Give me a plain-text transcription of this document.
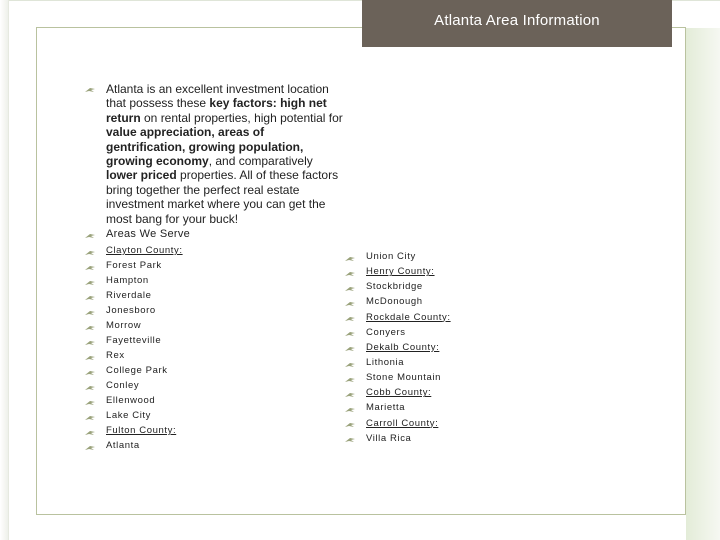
Atlanta Area Information
Atlanta is an excellent investment location that possess these key factors: high net return on rental properties, high potential for value appreciation, areas of gentrification, growing population, growing economy, and comparatively lower priced properties. All of these factors bring together the perfect real estate investment market where you can get the most bang for your buck!
Areas We Serve
Clayton County:
Forest Park
Hampton
Riverdale
Jonesboro
Morrow
Fayetteville
Rex
College Park
Conley
Ellenwood
Lake City
Fulton County:
Atlanta
Union City
Henry County:
Stockbridge
McDonough
Rockdale County:
Conyers
Dekalb County:
Lithonia
Stone Mountain
Cobb County:
Marietta
Carroll County:
Villa Rica
